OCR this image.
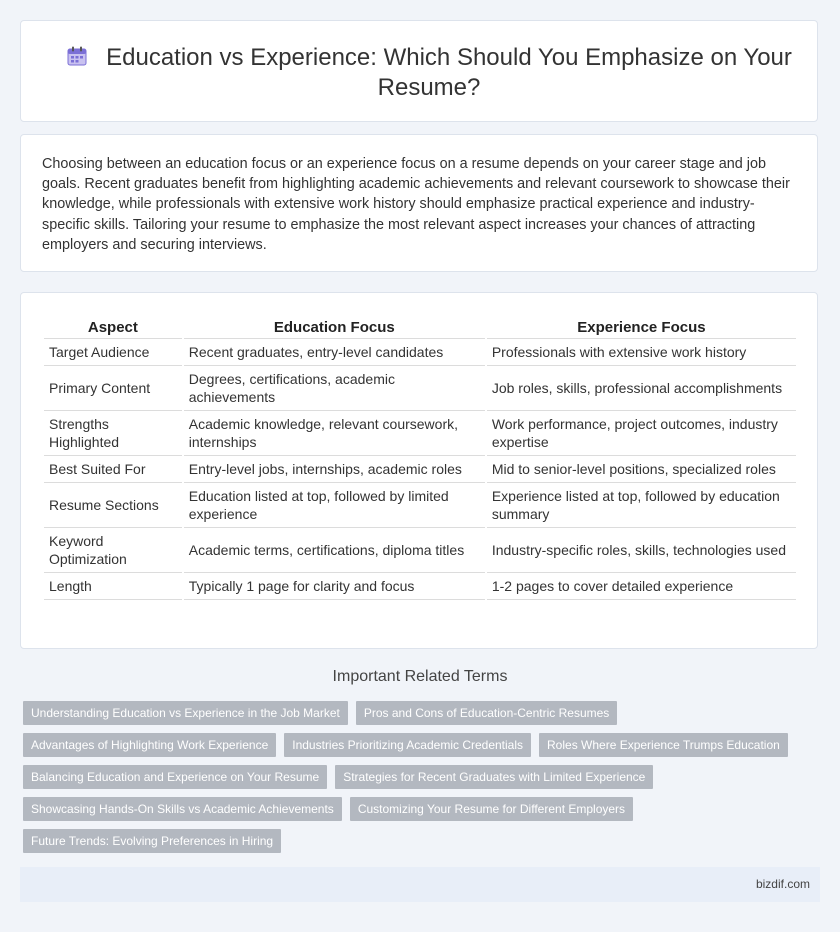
Education vs Experience: Which Should You Emphasize on Your Resume?
Choosing between an education focus or an experience focus on a resume depends on your career stage and job goals. Recent graduates benefit from highlighting academic achievements and relevant coursework to showcase their knowledge, while professionals with extensive work history should emphasize practical experience and industry-specific skills. Tailoring your resume to emphasize the most relevant aspect increases your chances of attracting employers and securing interviews.
Aspect	Education Focus	Experience Focus
Target Audience	Recent graduates, entry-level candidates	Professionals with extensive work history
Primary Content	Degrees, certifications, academic achievements	Job roles, skills, professional accomplishments
Strengths Highlighted	Academic knowledge, relevant coursework, internships	Work performance, project outcomes, industry expertise
Best Suited For	Entry-level jobs, internships, academic roles	Mid to senior-level positions, specialized roles
Resume Sections	Education listed at top, followed by limited experience	Experience listed at top, followed by education summary
Keyword Optimization	Academic terms, certifications, diploma titles	Industry-specific roles, skills, technologies used
Length	Typically 1 page for clarity and focus	1-2 pages to cover detailed experience
Important Related Terms
Understanding Education vs Experience in the Job Market	Pros and Cons of Education-Centric Resumes
Advantages of Highlighting Work Experience	Industries Prioritizing Academic Credentials	Roles Where Experience Trumps Education
Balancing Education and Experience on Your Resume	Strategies for Recent Graduates with Limited Experience
Showcasing Hands-On Skills vs Academic Achievements	Customizing Your Resume for Different Employers
Future Trends: Evolving Preferences in Hiring
bizdif.com
